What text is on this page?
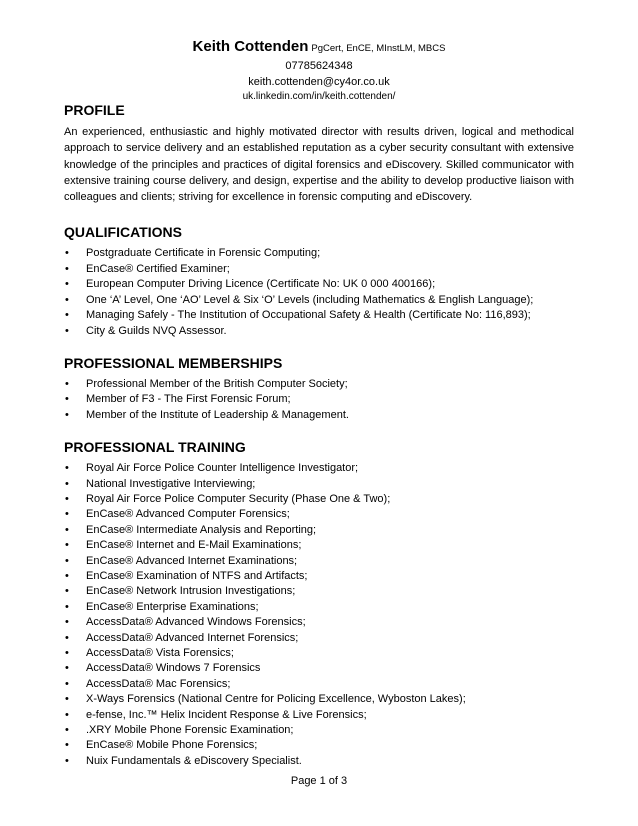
Keith Cottenden PgCert, EnCE, MInstLM, MBCS
07785624348
keith.cottenden@cy4or.co.uk
uk.linkedin.com/in/keith.cottenden/
PROFILE

An experienced, enthusiastic and highly motivated director with results driven, logical and methodical approach to service delivery and an established reputation as a cyber security consultant with extensive knowledge of the principles and practices of digital forensics and eDiscovery. Skilled communicator with extensive training course delivery, and design, expertise and the ability to develop productive liaison with colleagues and clients; striving for excellence in forensic computing and eDiscovery.

QUALIFICATIONS
• Postgraduate Certificate in Forensic Computing;
• EnCase® Certified Examiner;
• European Computer Driving Licence (Certificate No: UK 0 000 400166);
• One ‘A’ Level, One ‘AO’ Level & Six ‘O’ Levels (including Mathematics & English Language);
• Managing Safely - The Institution of Occupational Safety & Health (Certificate No: 116,893);
• City & Guilds NVQ Assessor.
PROFESSIONAL MEMBERSHIPS
• Professional Member of the British Computer Society;
• Member of F3 - The First Forensic Forum;
• Member of the Institute of Leadership & Management.
PROFESSIONAL TRAINING
• Royal Air Force Police Counter Intelligence Investigator;
• National Investigative Interviewing;
• Royal Air Force Police Computer Security (Phase One & Two);
• EnCase® Advanced Computer Forensics;
• EnCase® Intermediate Analysis and Reporting;
• EnCase® Internet and E-Mail Examinations;
• EnCase® Advanced Internet Examinations;
• EnCase® Examination of NTFS and Artifacts;
• EnCase® Network Intrusion Investigations;
• EnCase® Enterprise Examinations;
• AccessData® Advanced Windows Forensics;
• AccessData® Advanced Internet Forensics;
• AccessData® Vista Forensics;
• AccessData® Windows 7 Forensics
• AccessData® Mac Forensics;
• X-Ways Forensics (National Centre for Policing Excellence, Wyboston Lakes);
• e-fense, Inc.™ Helix Incident Response & Live Forensics;
• .XRY Mobile Phone Forensic Examination;
• EnCase® Mobile Phone Forensics;
• Nuix Fundamentals & eDiscovery Specialist.
Page 1 of 3
